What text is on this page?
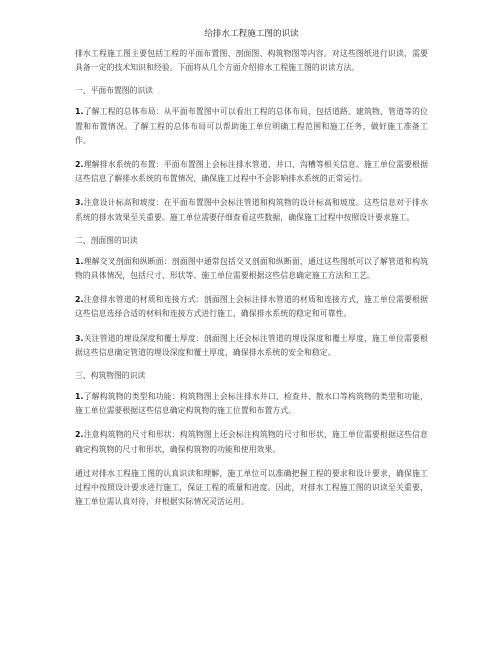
给排水工程施工图的识读

排水工程施工图主要包括工程的平面布置图、剖面图、构筑物图等内容。对这些图纸进行识读，需要具备一定的技术知识和经验。下面将从几个方面介绍排水工程施工图的识读方法。

一、平面布置图的识读

1.了解工程的总体布局：从平面布置图中可以看出工程的总体布局，包括道路、建筑物、管道等的位置和布置情况。了解工程的总体布局可以帮助施工单位明确工程范围和施工任务，做好施工准备工作。

2.理解排水系统的布置：平面布置图上会标注排水管道、井口、沟槽等相关信息。施工单位需要根据这些信息了解排水系统的布置情况，确保施工过程中不会影响排水系统的正常运行。

3.注意设计标高和坡度：在平面布置图中会标注管道和构筑物的设计标高和坡度。这些信息对于排水系统的排水效果至关重要。施工单位需要仔细查看这些数据，确保施工过程中按照设计要求施工。

二、剖面图的识读

1.理解交叉剖面和纵断面：剖面图中通常包括交叉剖面和纵断面，通过这些图纸可以了解管道和构筑物的具体情况，包括尺寸、形状等。施工单位需要根据这些信息确定施工方法和工艺。

2.注意排水管道的材质和连接方式：剖面图上会标注排水管道的材质和连接方式，施工单位需要根据这些信息选择合适的材料和连接方式进行施工，确保排水系统的稳定和可靠性。

3.关注管道的埋设深度和覆土厚度：剖面图上还会标注管道的埋设深度和覆土厚度，施工单位需要根据这些信息确定管道的埋设深度和覆土厚度，确保排水系统的安全和稳定。

三、构筑物图的识读

1.了解构筑物的类型和功能：构筑物图上会标注排水井口、检查井、散水口等构筑物的类型和功能，施工单位需要根据这些信息确定构筑物的施工位置和布置方式。

2.注意构筑物的尺寸和形状：构筑物图上还会标注构筑物的尺寸和形状，施工单位需要根据这些信息确定构筑物的尺寸和形状，确保构筑物的功能和使用效果。

通过对排水工程施工图的认真识读和理解，施工单位可以准确把握工程的要求和设计要求，确保施工过程中按照设计要求进行施工，保证工程的质量和进度。因此，对排水工程施工图的识读至关重要，施工单位需认真对待，并根据实际情况灵活运用。
